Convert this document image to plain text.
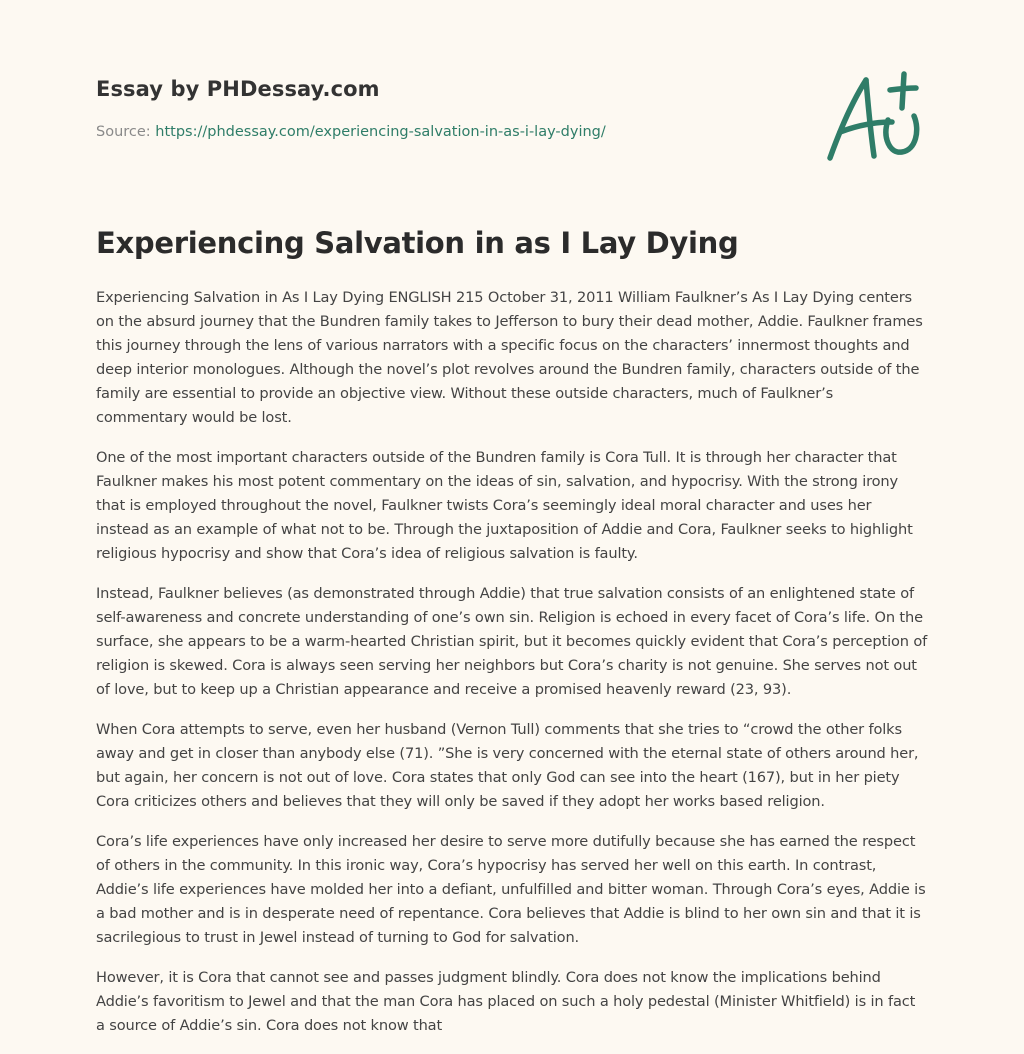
Essay by PHDessay.com
Source: https://phdessay.com/experiencing-salvation-in-as-i-lay-dying/
Experiencing Salvation in as I Lay Dying

Experiencing Salvation in As I Lay Dying ENGLISH 215 October 31, 2011 William Faulkner’s As I Lay Dying centers on the absurd journey that the Bundren family takes to Jefferson to bury their dead mother, Addie. Faulkner frames this journey through the lens of various narrators with a specific focus on the characters’ innermost thoughts and deep interior monologues. Although the novel’s plot revolves around the Bundren family, characters outside of the family are essential to provide an objective view. Without these outside characters, much of Faulkner’s commentary would be lost.

One of the most important characters outside of the Bundren family is Cora Tull. It is through her character that Faulkner makes his most potent commentary on the ideas of sin, salvation, and hypocrisy. With the strong irony that is employed throughout the novel, Faulkner twists Cora’s seemingly ideal moral character and uses her instead as an example of what not to be. Through the juxtaposition of Addie and Cora, Faulkner seeks to highlight religious hypocrisy and show that Cora’s idea of religious salvation is faulty.

Instead, Faulkner believes (as demonstrated through Addie) that true salvation consists of an enlightened state of self-awareness and concrete understanding of one’s own sin. Religion is echoed in every facet of Cora’s life. On the surface, she appears to be a warm-hearted Christian spirit, but it becomes quickly evident that Cora’s perception of religion is skewed. Cora is always seen serving her neighbors but Cora’s charity is not genuine. She serves not out of love, but to keep up a Christian appearance and receive a promised heavenly reward (23, 93).

When Cora attempts to serve, even her husband (Vernon Tull) comments that she tries to “crowd the other folks away and get in closer than anybody else (71). ”She is very concerned with the eternal state of others around her, but again, her concern is not out of love. Cora states that only God can see into the heart (167), but in her piety Cora criticizes others and believes that they will only be saved if they adopt her works based religion.

Cora’s life experiences have only increased her desire to serve more dutifully because she has earned the respect of others in the community. In this ironic way, Cora’s hypocrisy has served her well on this earth. In contrast, Addie’s life experiences have molded her into a defiant, unfulfilled and bitter woman. Through Cora’s eyes, Addie is a bad mother and is in desperate need of repentance. Cora believes that Addie is blind to her own sin and that it is sacrilegious to trust in Jewel instead of turning to God for salvation.

However, it is Cora that cannot see and passes judgment blindly. Cora does not know the implications behind Addie’s favoritism to Jewel and that the man Cora has placed on such a holy pedestal (Minister Whitfield) is in fact a source of Addie’s sin. Cora does not know that
